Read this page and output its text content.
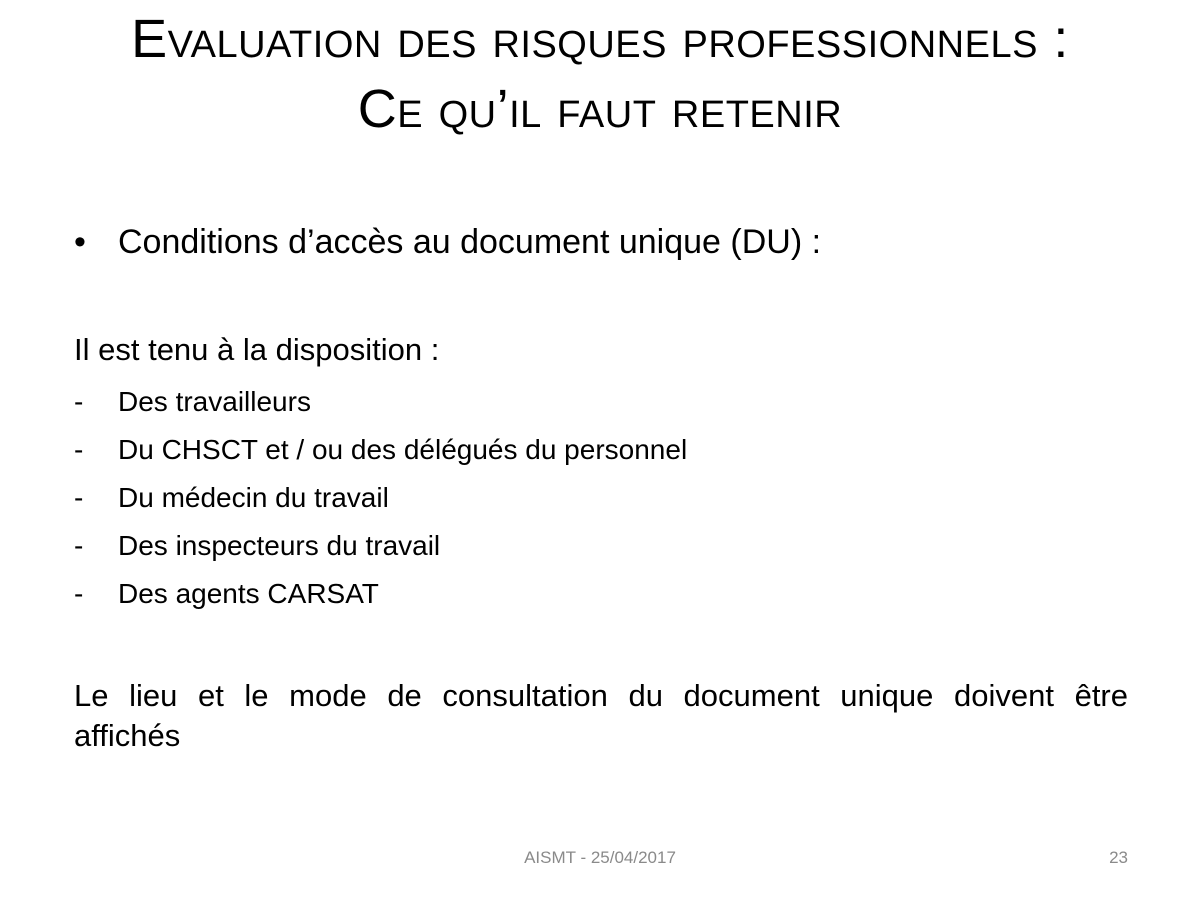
Evaluation des risques professionnels :
Ce qu’il faut retenir
• Conditions d’accès au document unique (DU) :
Il est tenu à la disposition :
- Des travailleurs
- Du CHSCT et / ou des délégués du personnel
- Du médecin du travail
- Des inspecteurs du travail
- Des agents CARSAT
Le lieu et le mode de consultation du document unique doivent être affichés
AISMT - 25/04/2017	23
